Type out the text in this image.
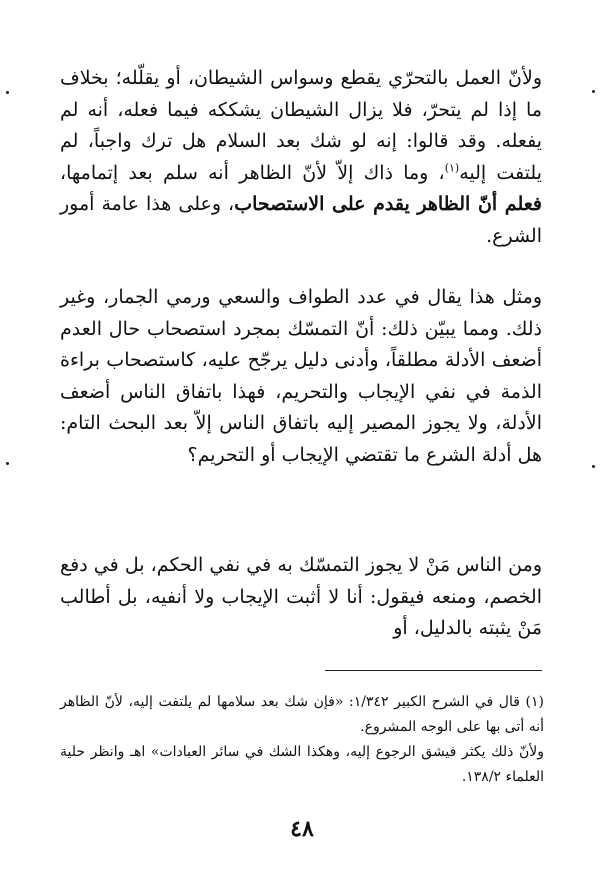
ولأنّ العمل بالتحرّي يقطع وسواس الشيطان، أو يقلّله؛ بخلاف ما إذا لم يتحرّ، فلا يزال الشيطان يشككه فيما فعله، أنه لم يفعله. وقد قالوا: إنه لو شك بعد السلام هل ترك واجباً، لم يلتفت إليه$^{(١)}$، وما ذاك إلاّ لأنّ الظاهر أنه سلم بعد إتمامها، فعلم أنّ الظاهر يقدم على الاستصحاب، وعلى هذا عامة أمور الشرع.

ومثل هذا يقال في عدد الطواف والسعي ورمي الجمار، وغير ذلك. ومما يبيّن ذلك: أنّ التمسّك بمجرد استصحاب حال العدم أضعف الأدلة مطلقاً، وأدنى دليل يرجّح عليه، كاستصحاب براءة الذمة في نفي الإيجاب والتحريم، فهذا باتفاق الناس أضعف الأدلة، ولا يجوز المصير إليه باتفاق الناس إلاّ بعد البحث التام: هل أدلة الشرع ما تقتضي الإيجاب أو التحريم؟

ومن الناس مَنْ لا يجوز التمسّك به في نفي الحكم، بل في دفع الخصم، ومنعه فيقول: أنا لا أثبت الإيجاب ولا أنفيه، بل أطالب مَنْ يثبته بالدليل، أو

(١) قال في الشرح الكبير ١/٣٤٢: «فإن شك بعد سلامها لم يلتفت إليه، لأنّ الظاهر أنه أتى بها على الوجه المشروع.

ولأنّ ذلك يكثر فيشق الرجوع إليه، وهكذا الشك في سائر العبادات» اهـ وانظر حلية العلماء ١٣٨/٢.

٤٨
